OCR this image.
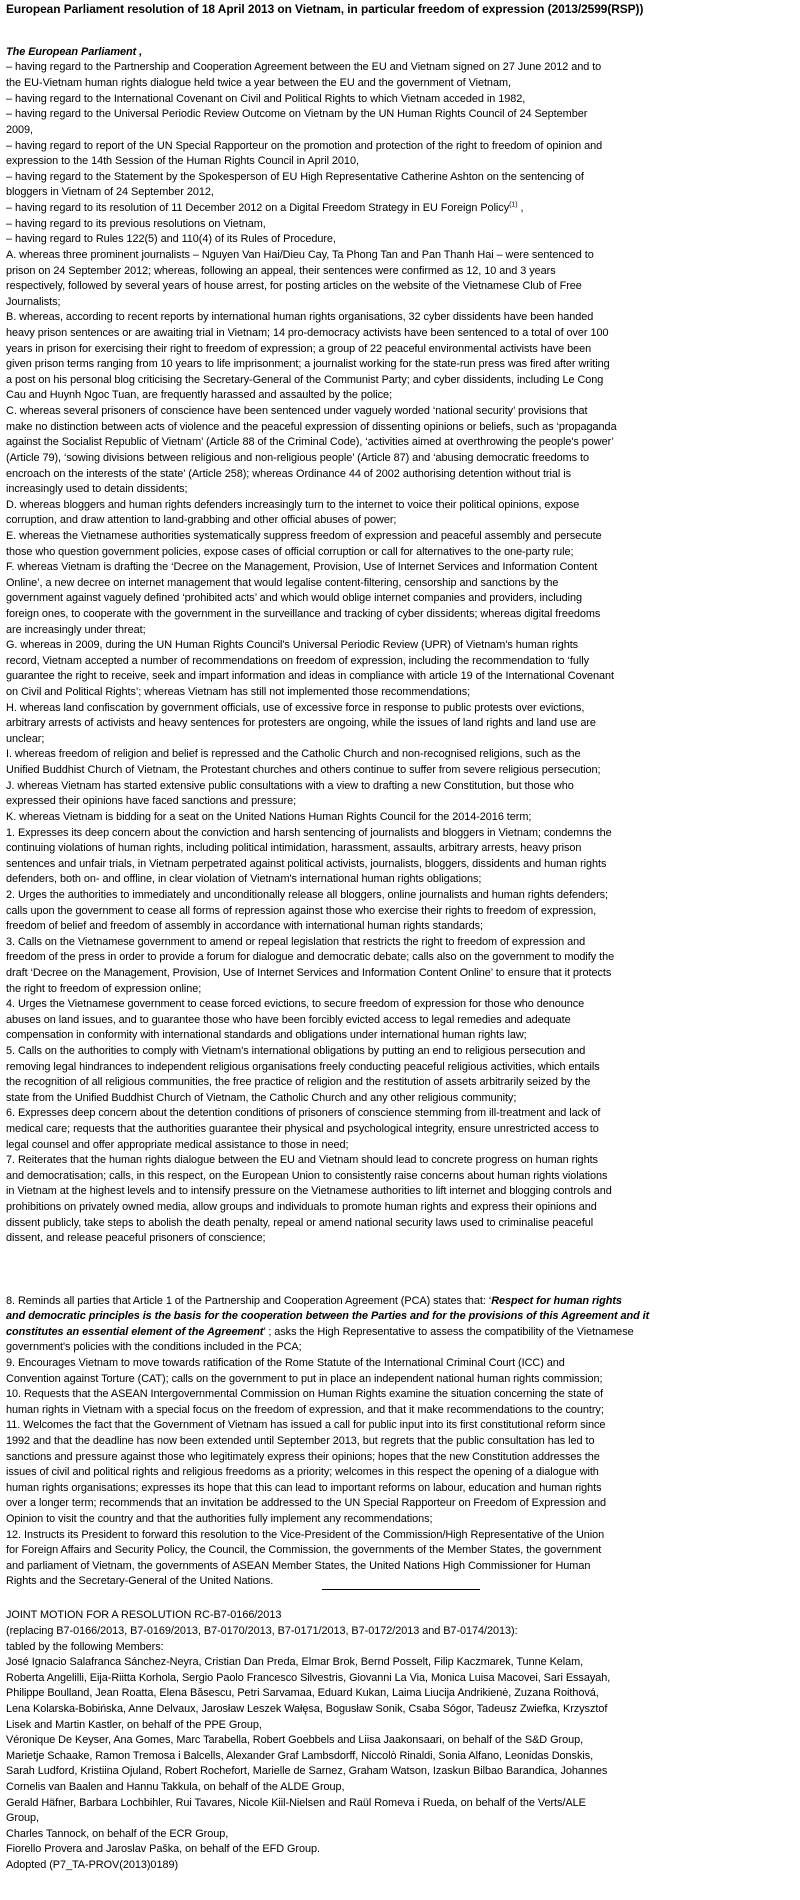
European Parliament resolution of 18 April 2013 on Vietnam, in particular freedom of expression (2013/2599(RSP))

The European Parliament ,

– having regard to the Partnership and Cooperation Agreement between the EU and Vietnam signed on 27 June 2012 and to

the EU-Vietnam human rights dialogue held twice a year between the EU and the government of Vietnam,

– having regard to the International Covenant on Civil and Political Rights to which Vietnam acceded in 1982,

– having regard to the Universal Periodic Review Outcome on Vietnam by the UN Human Rights Council of 24 September

2009,

– having regard to report of the UN Special Rapporteur on the promotion and protection of the right to freedom of opinion and

expression to the 14th Session of the Human Rights Council in April 2010,

– having regard to the Statement by the Spokesperson of EU High Representative Catherine Ashton on the sentencing of

bloggers in Vietnam of 24 September 2012,

– having regard to its resolution of 11 December 2012 on a Digital Freedom Strategy in EU Foreign Policy$^{(1)}$ ,

– having regard to its previous resolutions on Vietnam,

– having regard to Rules 122(5) and 110(4) of its Rules of Procedure,

A. whereas three prominent journalists – Nguyen Van Hai/Dieu Cay, Ta Phong Tan and Pan Thanh Hai – were sentenced to

prison on 24 September 2012; whereas, following an appeal, their sentences were confirmed as 12, 10 and 3 years

respectively, followed by several years of house arrest, for posting articles on the website of the Vietnamese Club of Free

Journalists;

B. whereas, according to recent reports by international human rights organisations, 32 cyber dissidents have been handed

heavy prison sentences or are awaiting trial in Vietnam; 14 pro-democracy activists have been sentenced to a total of over 100

years in prison for exercising their right to freedom of expression; a group of 22 peaceful environmental activists have been

given prison terms ranging from 10 years to life imprisonment; a journalist working for the state-run press was fired after writing

a post on his personal blog criticising the Secretary-General of the Communist Party; and cyber dissidents, including Le Cong

Cau and Huynh Ngoc Tuan, are frequently harassed and assaulted by the police;

C. whereas several prisoners of conscience have been sentenced under vaguely worded ‘national security’ provisions that

make no distinction between acts of violence and the peaceful expression of dissenting opinions or beliefs, such as ‘propaganda

against the Socialist Republic of Vietnam’ (Article 88 of the Criminal Code), ‘activities aimed at overthrowing the people's power’

(Article 79), ‘sowing divisions between religious and non-religious people’ (Article 87) and ‘abusing democratic freedoms to

encroach on the interests of the state’ (Article 258); whereas Ordinance 44 of 2002 authorising detention without trial is

increasingly used to detain dissidents;

D. whereas bloggers and human rights defenders increasingly turn to the internet to voice their political opinions, expose

corruption, and draw attention to land-grabbing and other official abuses of power;

E. whereas the Vietnamese authorities systematically suppress freedom of expression and peaceful assembly and persecute

those who question government policies, expose cases of official corruption or call for alternatives to the one-party rule;

F. whereas Vietnam is drafting the ‘Decree on the Management, Provision, Use of Internet Services and Information Content

Online’, a new decree on internet management that would legalise content-filtering, censorship and sanctions by the

government against vaguely defined ‘prohibited acts’ and which would oblige internet companies and providers, including

foreign ones, to cooperate with the government in the surveillance and tracking of cyber dissidents; whereas digital freedoms

are increasingly under threat;

G. whereas in 2009, during the UN Human Rights Council's Universal Periodic Review (UPR) of Vietnam's human rights

record, Vietnam accepted a number of recommendations on freedom of expression, including the recommendation to ‘fully

guarantee the right to receive, seek and impart information and ideas in compliance with article 19 of the International Covenant

on Civil and Political Rights’; whereas Vietnam has still not implemented those recommendations;

H. whereas land confiscation by government officials, use of excessive force in response to public protests over evictions,

arbitrary arrests of activists and heavy sentences for protesters are ongoing, while the issues of land rights and land use are

unclear;

I. whereas freedom of religion and belief is repressed and the Catholic Church and non-recognised religions, such as the

Unified Buddhist Church of Vietnam, the Protestant churches and others continue to suffer from severe religious persecution;

J. whereas Vietnam has started extensive public consultations with a view to drafting a new Constitution, but those who

expressed their opinions have faced sanctions and pressure;

K. whereas Vietnam is bidding for a seat on the United Nations Human Rights Council for the 2014-2016 term;

1. Expresses its deep concern about the conviction and harsh sentencing of journalists and bloggers in Vietnam; condemns the

continuing violations of human rights, including political intimidation, harassment, assaults, arbitrary arrests, heavy prison

sentences and unfair trials, in Vietnam perpetrated against political activists, journalists, bloggers, dissidents and human rights

defenders, both on- and offline, in clear violation of Vietnam's international human rights obligations;

2. Urges the authorities to immediately and unconditionally release all bloggers, online journalists and human rights defenders;

calls upon the government to cease all forms of repression against those who exercise their rights to freedom of expression,

freedom of belief and freedom of assembly in accordance with international human rights standards;

3. Calls on the Vietnamese government to amend or repeal legislation that restricts the right to freedom of expression and

freedom of the press in order to provide a forum for dialogue and democratic debate; calls also on the government to modify the

draft ‘Decree on the Management, Provision, Use of Internet Services and Information Content Online’ to ensure that it protects

the right to freedom of expression online;

4. Urges the Vietnamese government to cease forced evictions, to secure freedom of expression for those who denounce

abuses on land issues, and to guarantee those who have been forcibly evicted access to legal remedies and adequate

compensation in conformity with international standards and obligations under international human rights law;

5. Calls on the authorities to comply with Vietnam's international obligations by putting an end to religious persecution and

removing legal hindrances to independent religious organisations freely conducting peaceful religious activities, which entails

the recognition of all religious communities, the free practice of religion and the restitution of assets arbitrarily seized by the

state from the Unified Buddhist Church of Vietnam, the Catholic Church and any other religious community;

6. Expresses deep concern about the detention conditions of prisoners of conscience stemming from ill-treatment and lack of

medical care; requests that the authorities guarantee their physical and psychological integrity, ensure unrestricted access to

legal counsel and offer appropriate medical assistance to those in need;

7. Reiterates that the human rights dialogue between the EU and Vietnam should lead to concrete progress on human rights

and democratisation; calls, in this respect, on the European Union to consistently raise concerns about human rights violations

in Vietnam at the highest levels and to intensify pressure on the Vietnamese authorities to lift internet and blogging controls and

prohibitions on privately owned media, allow groups and individuals to promote human rights and express their opinions and

dissent publicly, take steps to abolish the death penalty, repeal or amend national security laws used to criminalise peaceful

dissent, and release peaceful prisoners of conscience;

8. Reminds all parties that Article 1 of the Partnership and Cooperation Agreement (PCA) states that: ‘Respect for human rights

and democratic principles is the basis for the cooperation between the Parties and for the provisions of this Agreement and it

constitutes an essential element of the Agreement’ ; asks the High Representative to assess the compatibility of the Vietnamese

government's policies with the conditions included in the PCA;

9. Encourages Vietnam to move towards ratification of the Rome Statute of the International Criminal Court (ICC) and

Convention against Torture (CAT); calls on the government to put in place an independent national human rights commission;

10. Requests that the ASEAN Intergovernmental Commission on Human Rights examine the situation concerning the state of

human rights in Vietnam with a special focus on the freedom of expression, and that it make recommendations to the country;

11. Welcomes the fact that the Government of Vietnam has issued a call for public input into its first constitutional reform since

1992 and that the deadline has now been extended until September 2013, but regrets that the public consultation has led to

sanctions and pressure against those who legitimately express their opinions; hopes that the new Constitution addresses the

issues of civil and political rights and religious freedoms as a priority; welcomes in this respect the opening of a dialogue with

human rights organisations; expresses its hope that this can lead to important reforms on labour, education and human rights

over a longer term; recommends that an invitation be addressed to the UN Special Rapporteur on Freedom of Expression and

Opinion to visit the country and that the authorities fully implement any recommendations;

12. Instructs its President to forward this resolution to the Vice-President of the Commission/High Representative of the Union

for Foreign Affairs and Security Policy, the Council, the Commission, the governments of the Member States, the government

and parliament of Vietnam, the governments of ASEAN Member States, the United Nations High Commissioner for Human

Rights and the Secretary-General of the United Nations.

JOINT MOTION FOR A RESOLUTION RC-B7-0166/2013

(replacing B7-0166/2013, B7-0169/2013, B7-0170/2013, B7-0171/2013, B7-0172/2013 and B7-0174/2013):

tabled by the following Members:

José Ignacio Salafranca Sánchez-Neyra, Cristian Dan Preda, Elmar Brok, Bernd Posselt, Filip Kaczmarek, Tunne Kelam,

Roberta Angelilli, Eija-Riitta Korhola, Sergio Paolo Francesco Silvestris, Giovanni La Via, Monica Luisa Macovei, Sari Essayah,

Philippe Boulland, Jean Roatta, Elena Băsescu, Petri Sarvamaa, Eduard Kukan, Laima Liucija Andrikienė, Zuzana Roithová,

Lena Kolarska-Bobińska, Anne Delvaux, Jarosław Leszek Wałęsa, Bogusław Sonik, Csaba Sógor, Tadeusz Zwiefka, Krzysztof

Lisek and Martin Kastler, on behalf of the PPE Group,

Véronique De Keyser, Ana Gomes, Marc Tarabella, Robert Goebbels and Liisa Jaakonsaari, on behalf of the S&D Group,

Marietje Schaake, Ramon Tremosa i Balcells, Alexander Graf Lambsdorff, Niccolò Rinaldi, Sonia Alfano, Leonidas Donskis,

Sarah Ludford, Kristiina Ojuland, Robert Rochefort, Marielle de Sarnez, Graham Watson, Izaskun Bilbao Barandica, Johannes

Cornelis van Baalen and Hannu Takkula, on behalf of the ALDE Group,

Gerald Häfner, Barbara Lochbihler, Rui Tavares, Nicole Kiil-Nielsen and Raül Romeva i Rueda, on behalf of the Verts/ALE

Group,

Charles Tannock, on behalf of the ECR Group,

Fiorello Provera and Jaroslav Paška, on behalf of the EFD Group.

Adopted (P7_TA-PROV(2013)0189)
